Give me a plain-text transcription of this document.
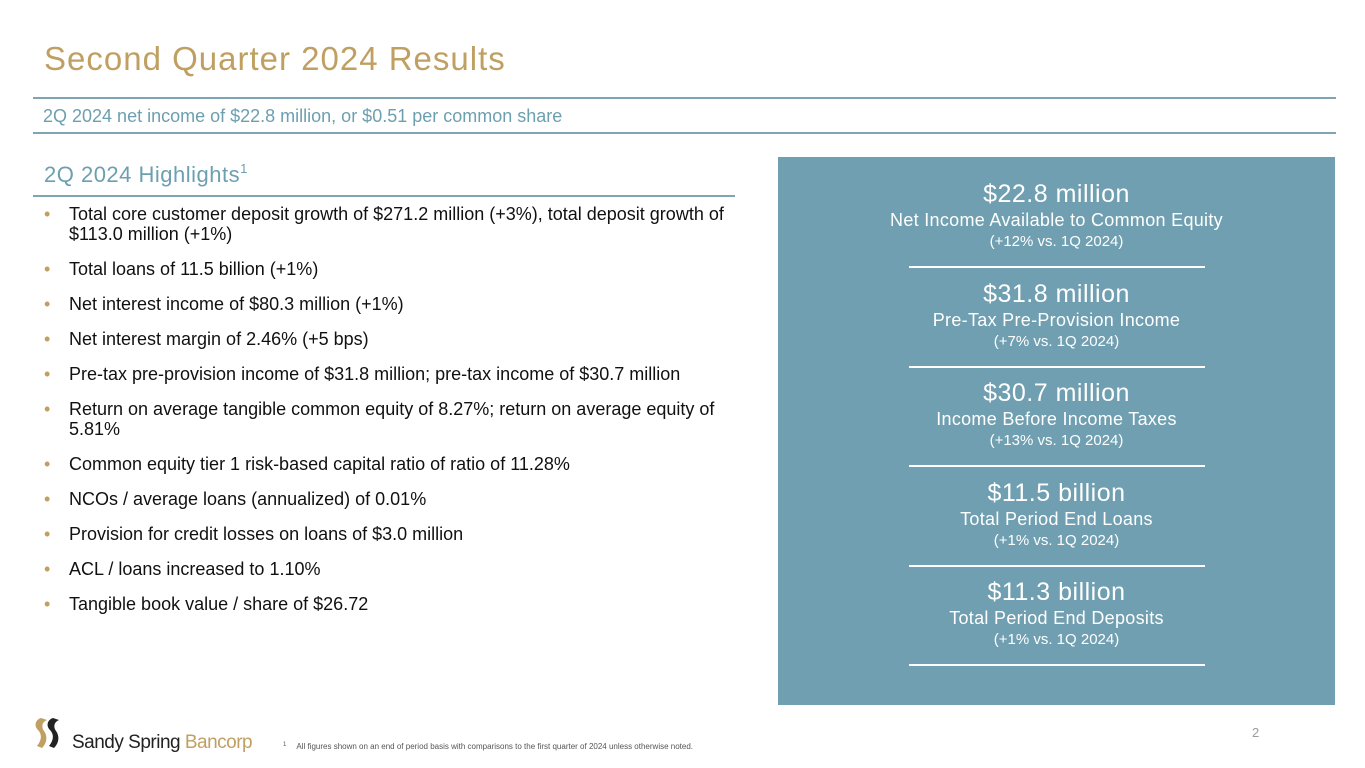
Second Quarter 2024 Results
2Q 2024 net income of $22.8 million, or $0.51 per common share
2Q 2024 Highlights$^1$
• Total core customer deposit growth of $271.2 million (+3%), total deposit growth of $113.0 million (+1%)
• Total loans of 11.5 billion (+1%)
• Net interest income of $80.3 million (+1%)
• Net interest margin of 2.46% (+5 bps)
• Pre-tax pre-provision income of $31.8 million; pre-tax income of $30.7 million
• Return on average tangible common equity of 8.27%; return on average equity of 5.81%
• Common equity tier 1 risk-based capital ratio of ratio of 11.28%
• NCOs / average loans (annualized) of 0.01%
• Provision for credit losses on loans of $3.0 million
• ACL / loans increased to 1.10%
• Tangible book value / share of $26.72
$22.8 million
Net Income Available to Common Equity
(+12% vs. 1Q 2024)
$31.8 million
Pre-Tax Pre-Provision Income
(+7% vs. 1Q 2024)
$30.7 million
Income Before Income Taxes
(+13% vs. 1Q 2024)
$11.5 billion
Total Period End Loans
(+1% vs. 1Q 2024)
$11.3 billion
Total Period End Deposits
(+1% vs. 1Q 2024)
Sandy Spring Bancorp	$^1$ All figures shown on an end of period basis with comparisons to the first quarter of 2024 unless otherwise noted.
2
